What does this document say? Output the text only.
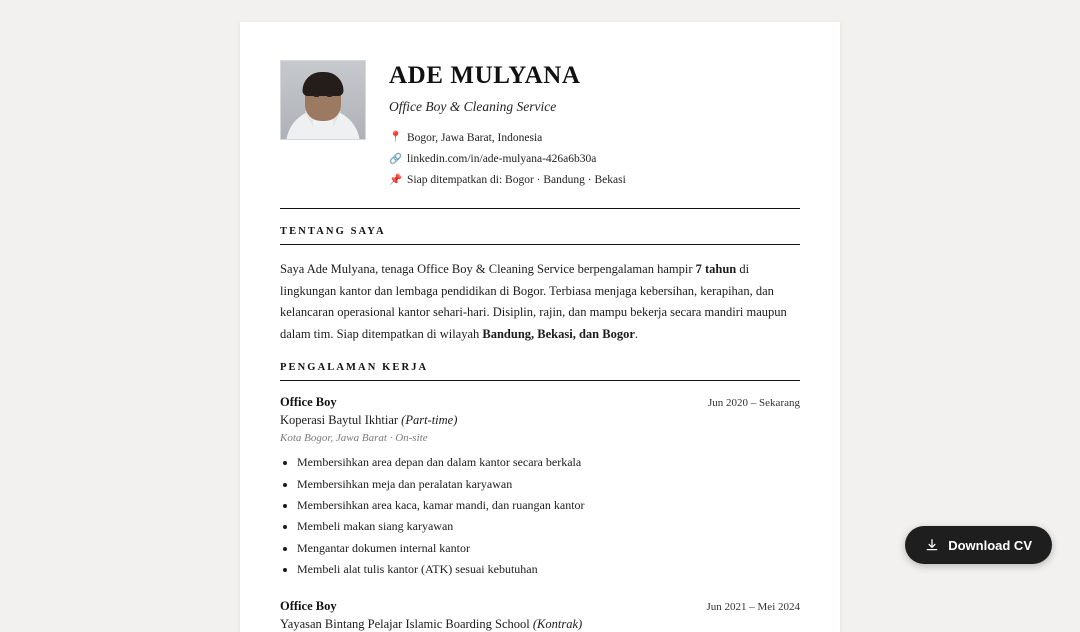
ADE MULYANA
Office Boy & Cleaning Service
📍 Bogor, Jawa Barat, Indonesia
🔗 linkedin.com/in/ade-mulyana-426a6b30a
📌 Siap ditempatkan di: Bogor · Bandung · Bekasi
TENTANG SAYA

Saya Ade Mulyana, tenaga Office Boy & Cleaning Service berpengalaman hampir 7 tahun di lingkungan kantor dan lembaga pendidikan di Bogor. Terbiasa menjaga kebersihan, kerapihan, dan kelancaran operasional kantor sehari-hari. Disiplin, rajin, dan mampu bekerja secara mandiri maupun dalam tim. Siap ditempatkan di wilayah Bandung, Bekasi, dan Bogor.

PENGALAMAN KERJA
Office Boy	Jun 2020 – Sekarang
Koperasi Baytul Ikhtiar (Part-time)
Kota Bogor, Jawa Barat · On-site
• Membersihkan area depan dan dalam kantor secara berkala
• Membersihkan meja dan peralatan karyawan
• Membersihkan area kaca, kamar mandi, dan ruangan kantor
• Membeli makan siang karyawan
• Mengantar dokumen internal kantor
• Membeli alat tulis kantor (ATK) sesuai kebutuhan
Office Boy	Jun 2021 – Mei 2024
Yayasan Bintang Pelajar Islamic Boarding School (Kontrak)
Download CV
